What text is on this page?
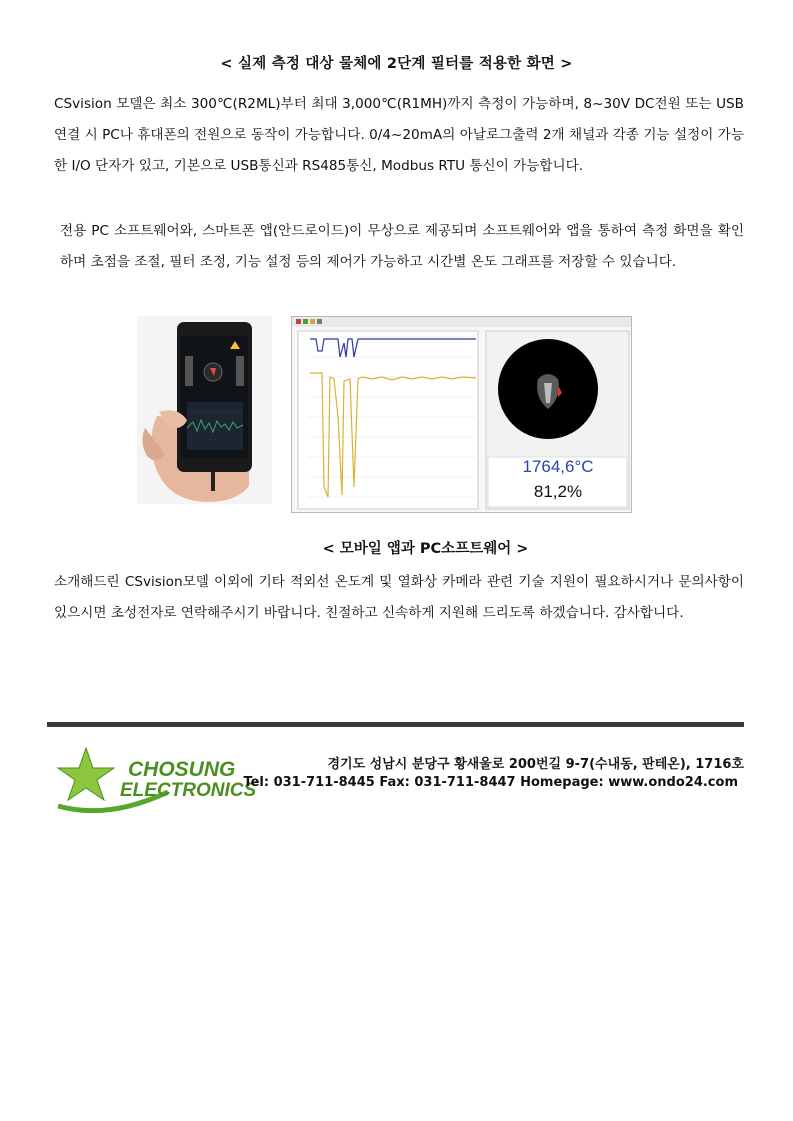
< 실제 측정 대상 물체에 2단계 필터를 적용한 화면 >
CSvision 모델은 최소 300℃(R2ML)부터 최대 3,000℃(R1MH)까지 측정이 가능하며, 8~30V DC전원 또는 USB 연결 시 PC나 휴대폰의 전원으로 동작이 가능합니다. 0/4~20mA의 아날로그출력 2개 채널과 각종 기능 설정이 가능한 I/O 단자가 있고, 기본으로 USB통신과 RS485통신, Modbus RTU 통신이 가능합니다.
전용 PC 소프트웨어와, 스마트폰 앱(안드로이드)이 무상으로 제공되며 소프트웨어와 앱을 통하여 측정 화면을 확인하며 초점을 조절, 필터 조정, 기능 설정 등의 제어가 가능하고 시간별 온도 그래프를 저장할 수 있습니다.
1764,6°C
81,2%
< 모바일 앱과 PC소프트웨어 >
소개해드린 CSvision모델 이외에 기타 적외선 온도계 및 열화상 카메라 관련 기술 지원이 필요하시거나 문의사항이 있으시면 초성전자로 연락해주시기 바랍니다. 친절하고 신속하게 지원해 드리도록 하겠습니다. 감사합니다.
CHOSUNG
ELECTRONICS
경기도 성남시 분당구 황새울로 200번길 9-7(수내동, 판테온), 1716호
Tel: 031-711-8445 Fax: 031-711-8447 Homepage: www.ondo24.com
